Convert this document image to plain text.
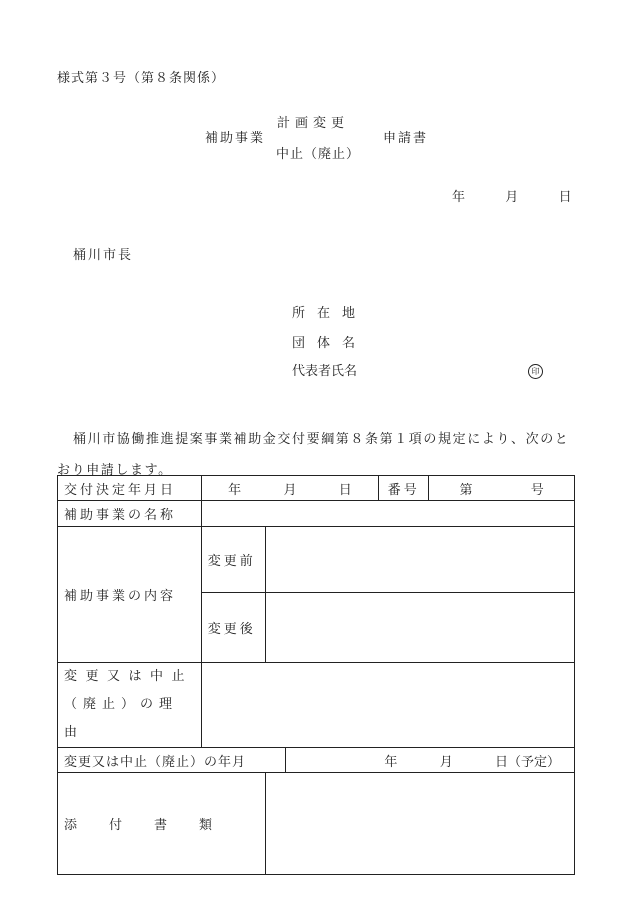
様式第３号（第８条関係）
補助事業
計画変更
中止（廃止）
申請書
年	月	日
桶川市長
所在地
団体名
代表者氏名	印
桶川市協働推進提案事業補助金交付要綱第８条第１項の規定により、次のとおり申請します。
交付決定年月日	年 月 日			番号	第 号
補助事業の名称					
補助事業の内容	変更前				
	変更後				

変更又は中止
（廃止）の理由					

変更又は中止（廃止）の年月			年 月 日（予定）		
添付書類					
